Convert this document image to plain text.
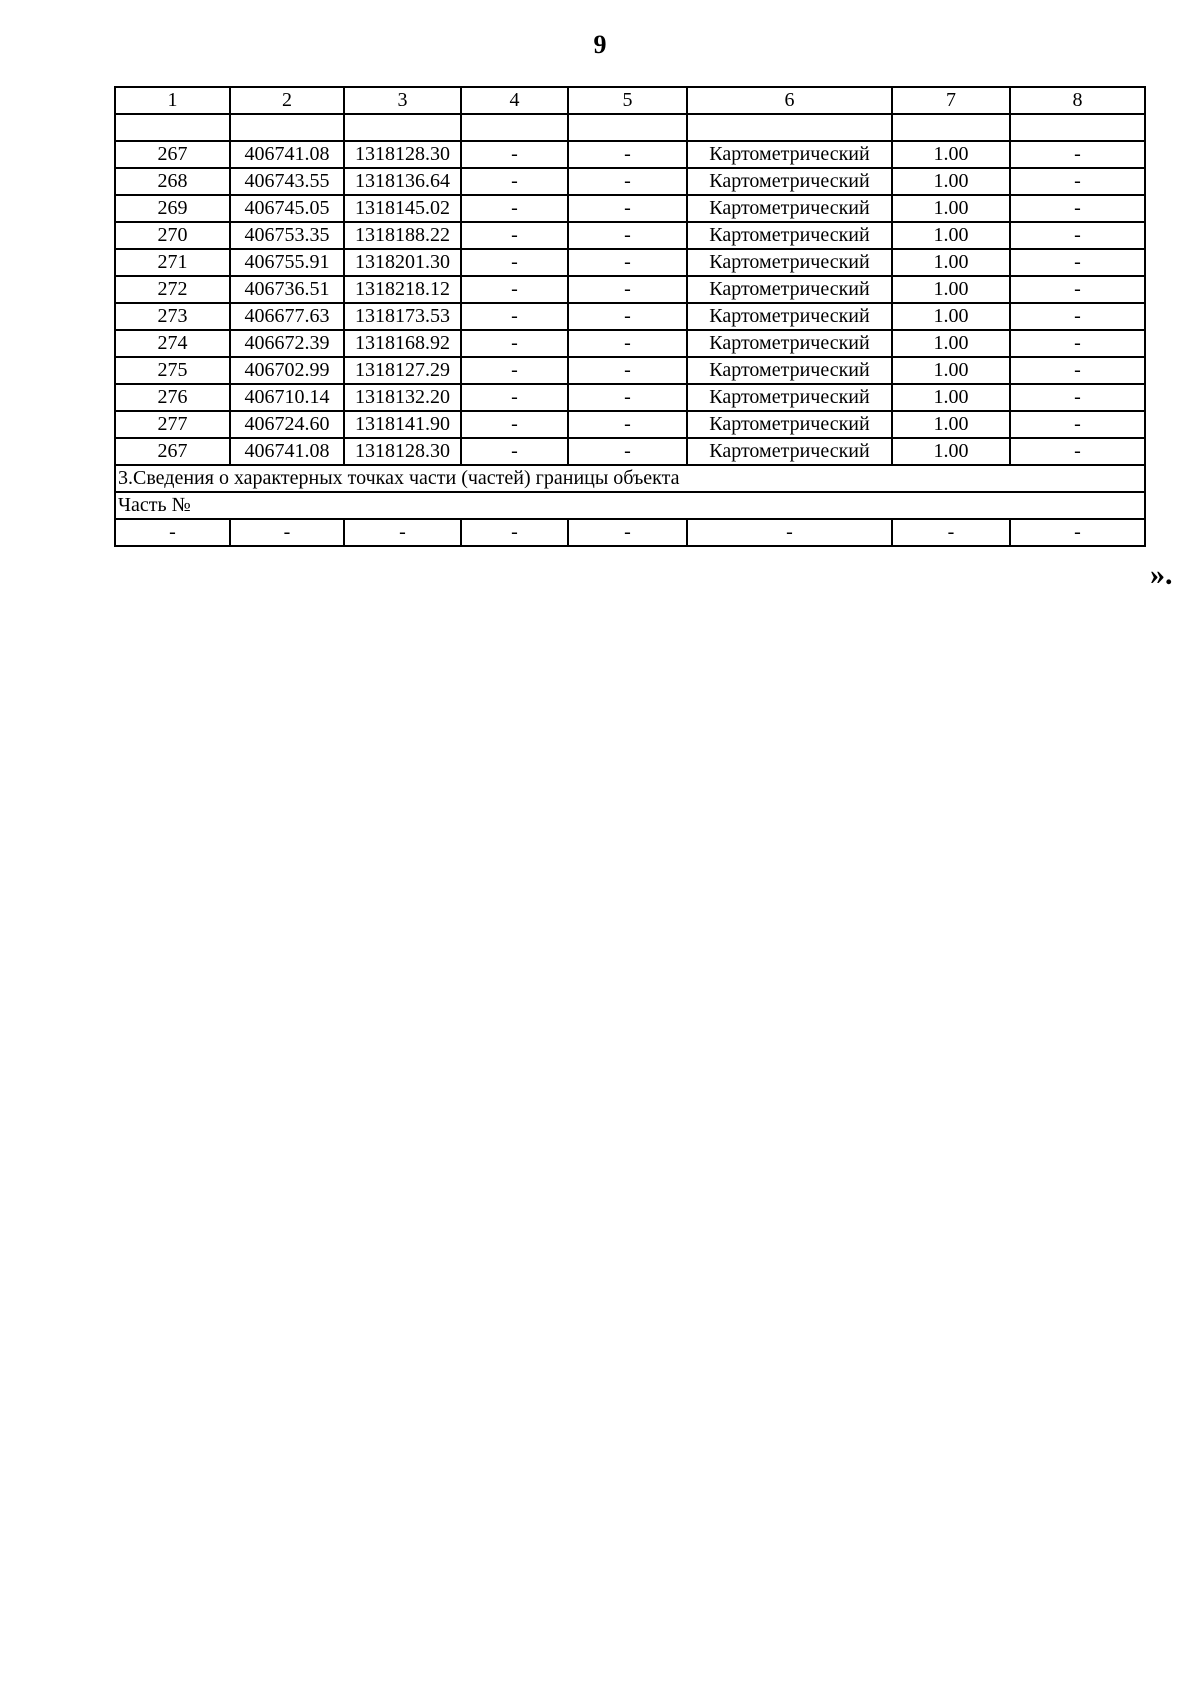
9
1	2	3	4	5	6	7	8

267	406741.08	1318128.30	-	-	Картометрический	1.00	-
268	406743.55	1318136.64	-	-	Картометрический	1.00	-
269	406745.05	1318145.02	-	-	Картометрический	1.00	-
270	406753.35	1318188.22	-	-	Картометрический	1.00	-
271	406755.91	1318201.30	-	-	Картометрический	1.00	-
272	406736.51	1318218.12	-	-	Картометрический	1.00	-
273	406677.63	1318173.53	-	-	Картометрический	1.00	-
274	406672.39	1318168.92	-	-	Картометрический	1.00	-
275	406702.99	1318127.29	-	-	Картометрический	1.00	-
276	406710.14	1318132.20	-	-	Картометрический	1.00	-
277	406724.60	1318141.90	-	-	Картометрический	1.00	-
267	406741.08	1318128.30	-	-	Картометрический	1.00	-
3.Сведения о характерных точках части (частей) границы объекта							
Часть №							
-	-	-	-	-	-	-	-
».
